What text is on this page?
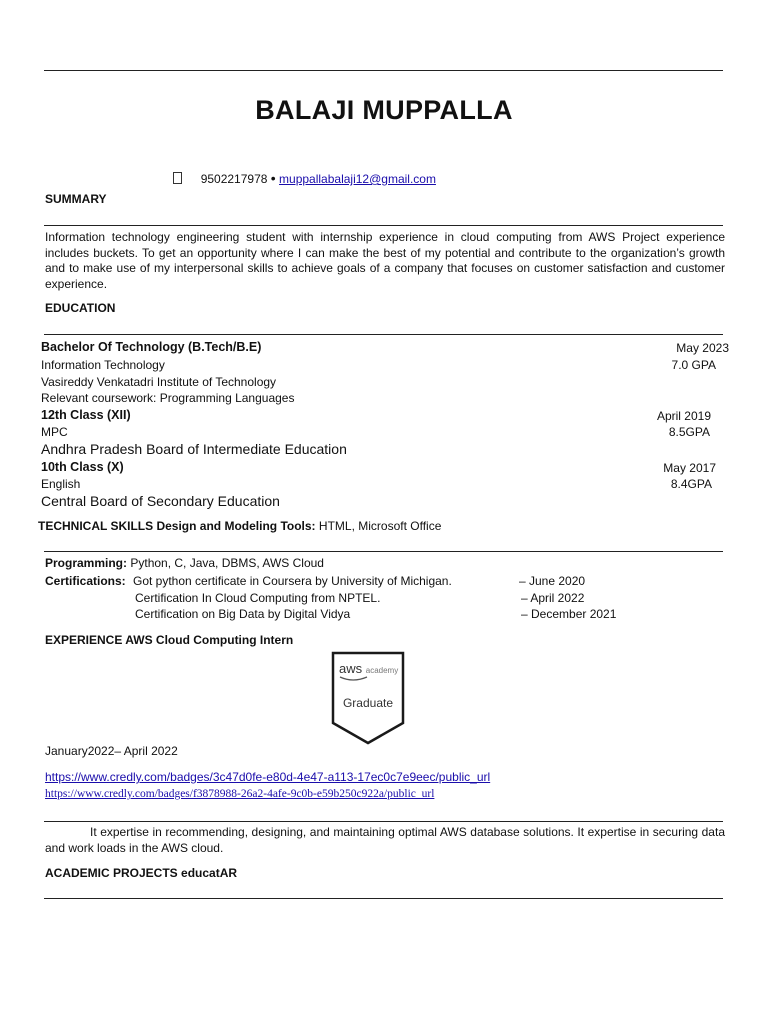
BALAJI MUPPALLA
9502217978 • muppallabalaji12@gmail.com
SUMMARY
Information technology engineering student with internship experience in cloud computing from AWS Project experience includes buckets. To get an opportunity where I can make the best of my potential and contribute to the organization’s growth and to make use of my interpersonal skills to achieve goals of a company that focuses on customer satisfaction and customer experience.
EDUCATION
Bachelor Of Technology (B.Tech/B.E)	May 2023
Information Technology	7.0 GPA
Vasireddy Venkatadri Institute of Technology
Relevant coursework: Programming Languages
12th Class (XII)	April 2019
MPC	8.5GPA
Andhra Pradesh Board of Intermediate Education
10th Class (X)	May 2017
English	8.4GPA
Central Board of Secondary Education
TECHNICAL SKILLS Design and Modeling Tools: HTML, Microsoft Office
Programming: Python, C, Java, DBMS, AWS Cloud
Certifications: Got python certificate in Coursera by University of Michigan.	– June 2020
Certification In Cloud Computing from NPTEL.	– April 2022
Certification on Big Data by Digital Vidya	– December 2021
EXPERIENCE AWS Cloud Computing Intern
aws academy
Graduate
January2022– April 2022
https://www.credly.com/badges/3c47d0fe-e80d-4e47-a113-17ec0c7e9eec/public_url
https://www.credly.com/badges/f3878988-26a2-4afe-9c0b-e59b250c922a/public_url
It expertise in recommending, designing, and maintaining optimal AWS database solutions. It expertise in securing data and work loads in the AWS cloud.
ACADEMIC PROJECTS educatAR
